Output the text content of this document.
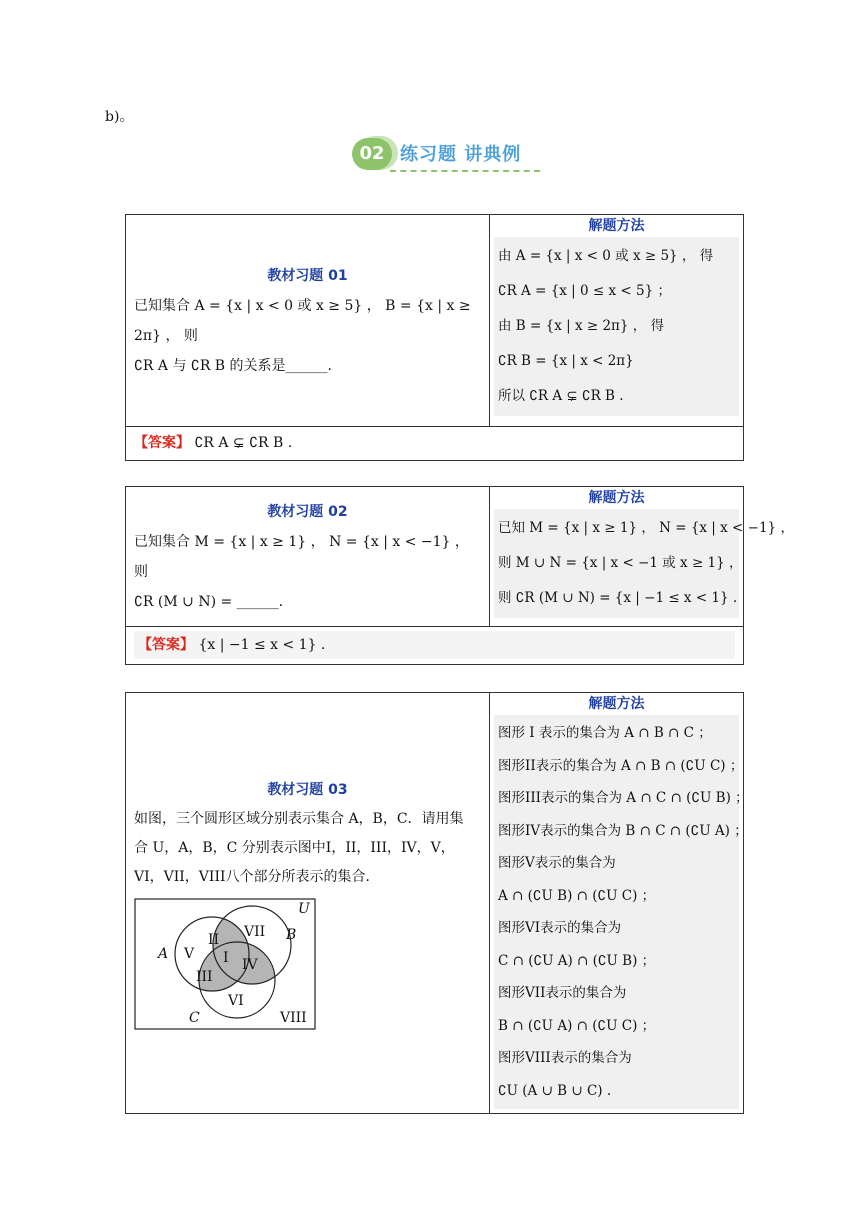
b)。
02 练习题 讲典例
教材习题 01
已知集合 A = {x | x < 0 或 x ≥ 5} ， B = {x | x ≥ 2π} ， 则
∁R A 与 ∁R B 的关系是______.

解题方法
由 A = {x | x < 0 或 x ≥ 5} ， 得
∁R A = {x | 0 ≤ x < 5} ；
由 B = {x | x ≥ 2π} ， 得
∁R B = {x | x < 2π}
所以 ∁R A ⊊ ∁R B .

【答案】 ∁R A ⊊ ∁R B .
教材习题 02
已知集合 M = {x | x ≥ 1} ， N = {x | x < −1} ， 则
∁R (M ∪ N) = ______.

解题方法
已知 M = {x | x ≥ 1} ， N = {x | x < −1} ，
则 M ∪ N = {x | x < −1 或 x ≥ 1} ，
则 ∁R (M ∪ N) = {x | −1 ≤ x < 1} .

【答案】 {x | −1 ≤ x < 1} .
教材习题 03
如图，三个圆形区域分别表示集合 A，B，C．请用集
合 U，A，B，C 分别表示图中I，II，III，IV，V，
VI，VII，VIII八个部分所表示的集合．
U
A
B
C
II
I IV
III
V
VII
VI
VIII

解题方法
图形 I 表示的集合为 A ∩ B ∩ C ；
图形II表示的集合为 A ∩ B ∩ (∁U C) ；
图形III表示的集合为 A ∩ C ∩ (∁U B) ；
图形IV表示的集合为 B ∩ C ∩ (∁U A) ；
图形V表示的集合为
A ∩ (∁U B) ∩ (∁U C) ；
图形VI表示的集合为
C ∩ (∁U A) ∩ (∁U B) ；
图形VII表示的集合为
B ∩ (∁U A) ∩ (∁U C) ；
图形VIII表示的集合为
∁U (A ∪ B ∪ C) .
